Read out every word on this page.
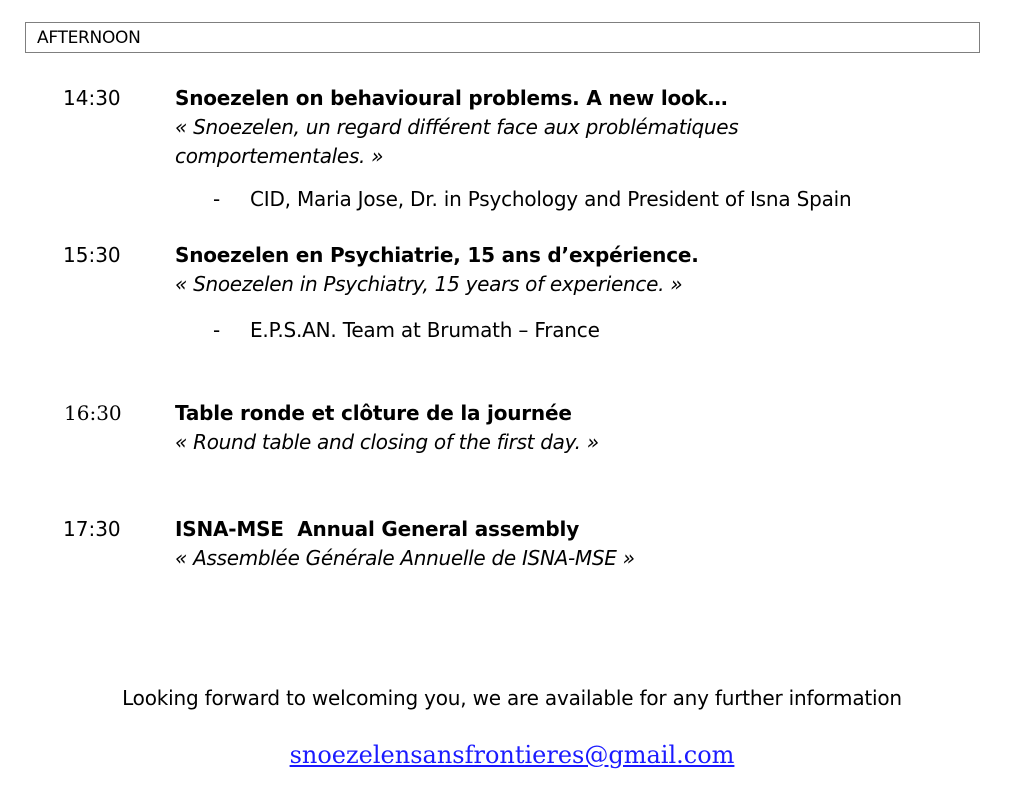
AFTERNOON
14:30	Snoezelen on behavioural problems. A new look…
« Snoezelen, un regard différent face aux problématiques
comportementales. »
- CID, Maria Jose, Dr. in Psychology and President of Isna Spain
15:30	Snoezelen en Psychiatrie, 15 ans d’expérience.
« Snoezelen in Psychiatry, 15 years of experience. »
- E.P.S.AN. Team at Brumath – France
16:30	Table ronde et clôture de la journée
« Round table and closing of the first day. »
17:30	ISNA-MSE  Annual General assembly
« Assemblée Générale Annuelle de ISNA-MSE »
Looking forward to welcoming you, we are available for any further information
snoezelensansfrontieres@gmail.com
